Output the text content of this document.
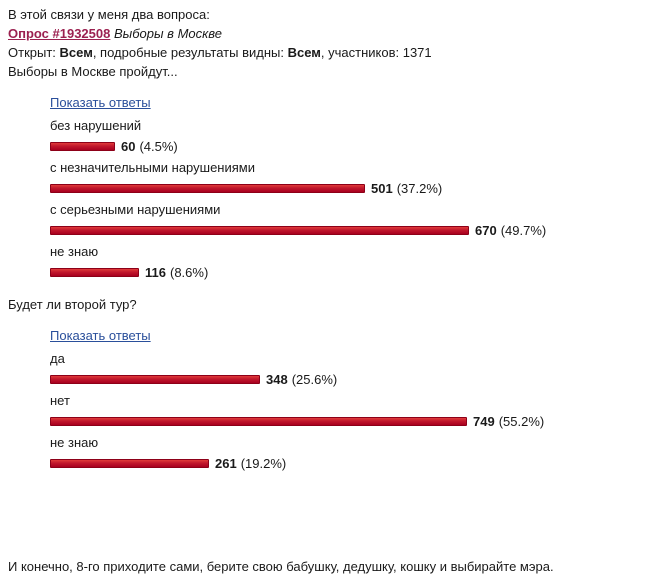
В этой связи у меня два вопроса:
Опрос #1932508 Выборы в Москве
Открыт: Всем, подробные результаты видны: Всем, участников: 1371
Выборы в Москве пройдут...
Показать ответы
без нарушений
60 (4.5%)
с незначительными нарушениями
501 (37.2%)
с серьезными нарушениями
670 (49.7%)
не знаю
116 (8.6%)
Будет ли второй тур?
Показать ответы
да
348 (25.6%)
нет
749 (55.2%)
не знаю
261 (19.2%)
И конечно, 8-го приходите сами, берите свою бабушку, дедушку, кошку и выбирайте мэра.
